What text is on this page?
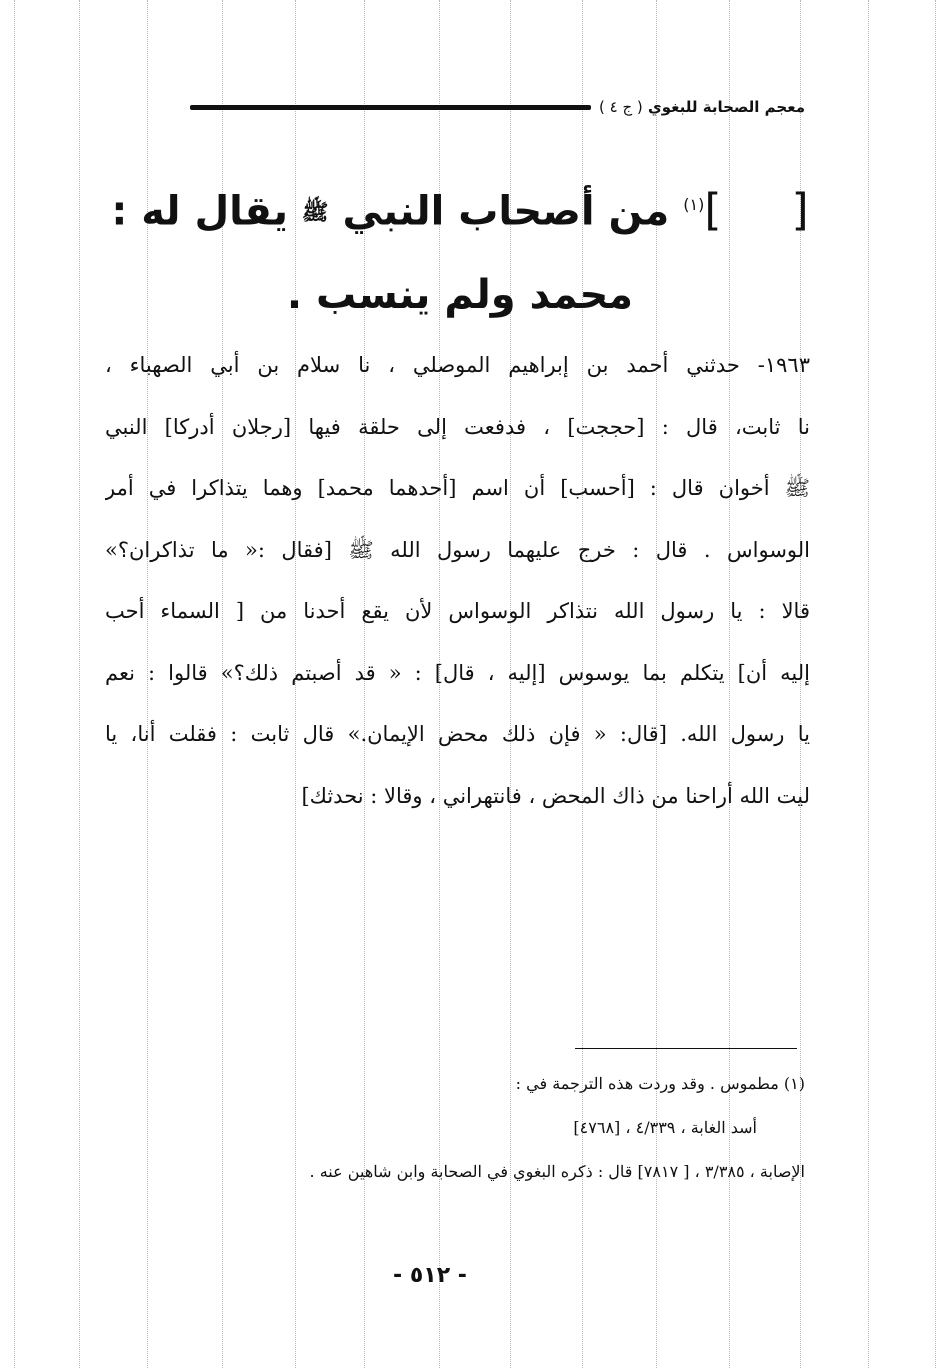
معجم الصحابة للبغوي ( ج ٤ )
[]$^{(١)}$ من أصحاب النبي ﷺ يقال له :
محمد ولم ينسب .
١٩٦٣- حدثني أحمد بن إبراهيم الموصلي ، نا سلام بن أبي الصهباء ،
نا ثابت، قال : [حججت] ، فدفعت إلى حلقة فيها [رجلان أدركا] النبي
ﷺ أخوان قال : [أحسب] أن اسم [أحدهما محمد] وهما يتذاكرا في أمر
الوسواس . قال : خرج عليهما رسول الله ﷺ [فقال :« ما تذاكران؟»
قالا : يا رسول الله نتذاكر الوسواس لأن يقع أحدنا من [ السماء أحب
إليه أن] يتكلم بما يوسوس [إليه ، قال] : « قد أصبتم ذلك؟» قالوا : نعم
يا رسول الله. [قال: « فإن ذلك محض الإيمان.» قال ثابت : فقلت أنا، يا
ليت الله أراحنا من ذاك المحض ، فانتهراني ، وقالا : نحدثك]
(١) مطموس . وقد وردت هذه الترجمة في :
أسد الغابة ، ٤/٣٣٩ ، [٤٧٦٨]
الإصابة ، ٣/٣٨٥ ، [ ٧٨١٧] قال : ذكره البغوي في الصحابة وابن شاهين عنه .
- ٥١٢ -
